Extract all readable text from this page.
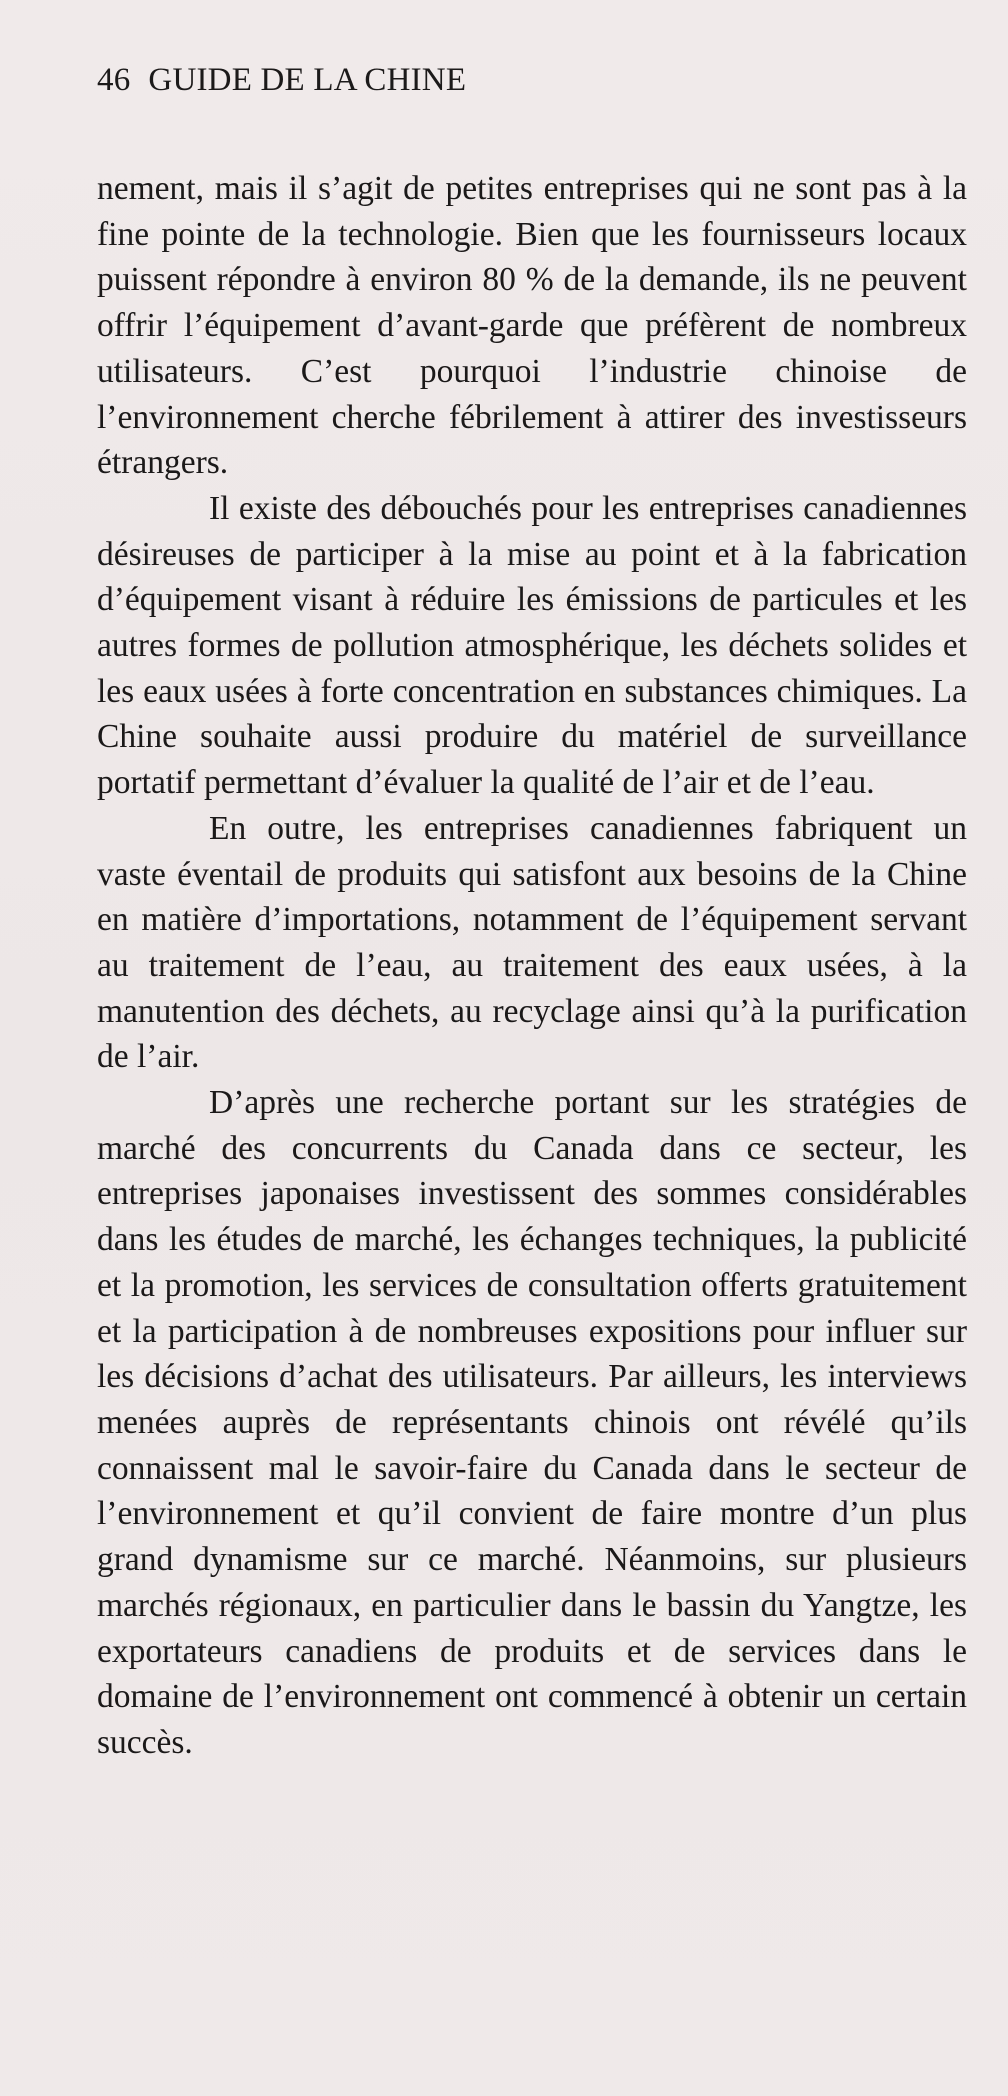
46 GUIDE DE LA CHINE

nement, mais il s’agit de petites entreprises qui ne sont pas à la fine pointe de la technologie. Bien que les fournisseurs locaux puissent répondre à environ 80 % de la demande, ils ne peuvent offrir l’équipement d’avant-garde que préfèrent de nombreux utilisateurs. C’est pourquoi l’industrie chinoise de l’environnement cherche fébrilement à attirer des investisseurs étrangers.

Il existe des débouchés pour les entreprises canadiennes désireuses de participer à la mise au point et à la fabrication d’équipement visant à réduire les émissions de particules et les autres formes de pollution atmosphérique, les déchets solides et les eaux usées à forte concentration en substances chimiques. La Chine souhaite aussi produire du matériel de surveillance portatif permettant d’évaluer la qualité de l’air et de l’eau.

En outre, les entreprises canadiennes fabriquent un vaste éventail de produits qui satisfont aux besoins de la Chine en matière d’importations, notamment de l’équipement servant au traitement de l’eau, au traitement des eaux usées, à la manutention des déchets, au recyclage ainsi qu’à la purification de l’air.

D’après une recherche portant sur les stratégies de marché des concurrents du Canada dans ce secteur, les entreprises japonaises investissent des sommes considérables dans les études de marché, les échanges techniques, la publicité et la promotion, les services de consultation offerts gratuitement et la participation à de nombreuses expositions pour influer sur les décisions d’achat des utilisateurs. Par ailleurs, les interviews menées auprès de représentants chinois ont révélé qu’ils connaissent mal le savoir-faire du Canada dans le secteur de l’environnement et qu’il convient de faire montre d’un plus grand dynamisme sur ce marché. Néanmoins, sur plusieurs marchés régionaux, en particulier dans le bassin du Yangtze, les exportateurs canadiens de produits et de services dans le domaine de l’environnement ont commencé à obtenir un certain succès.
